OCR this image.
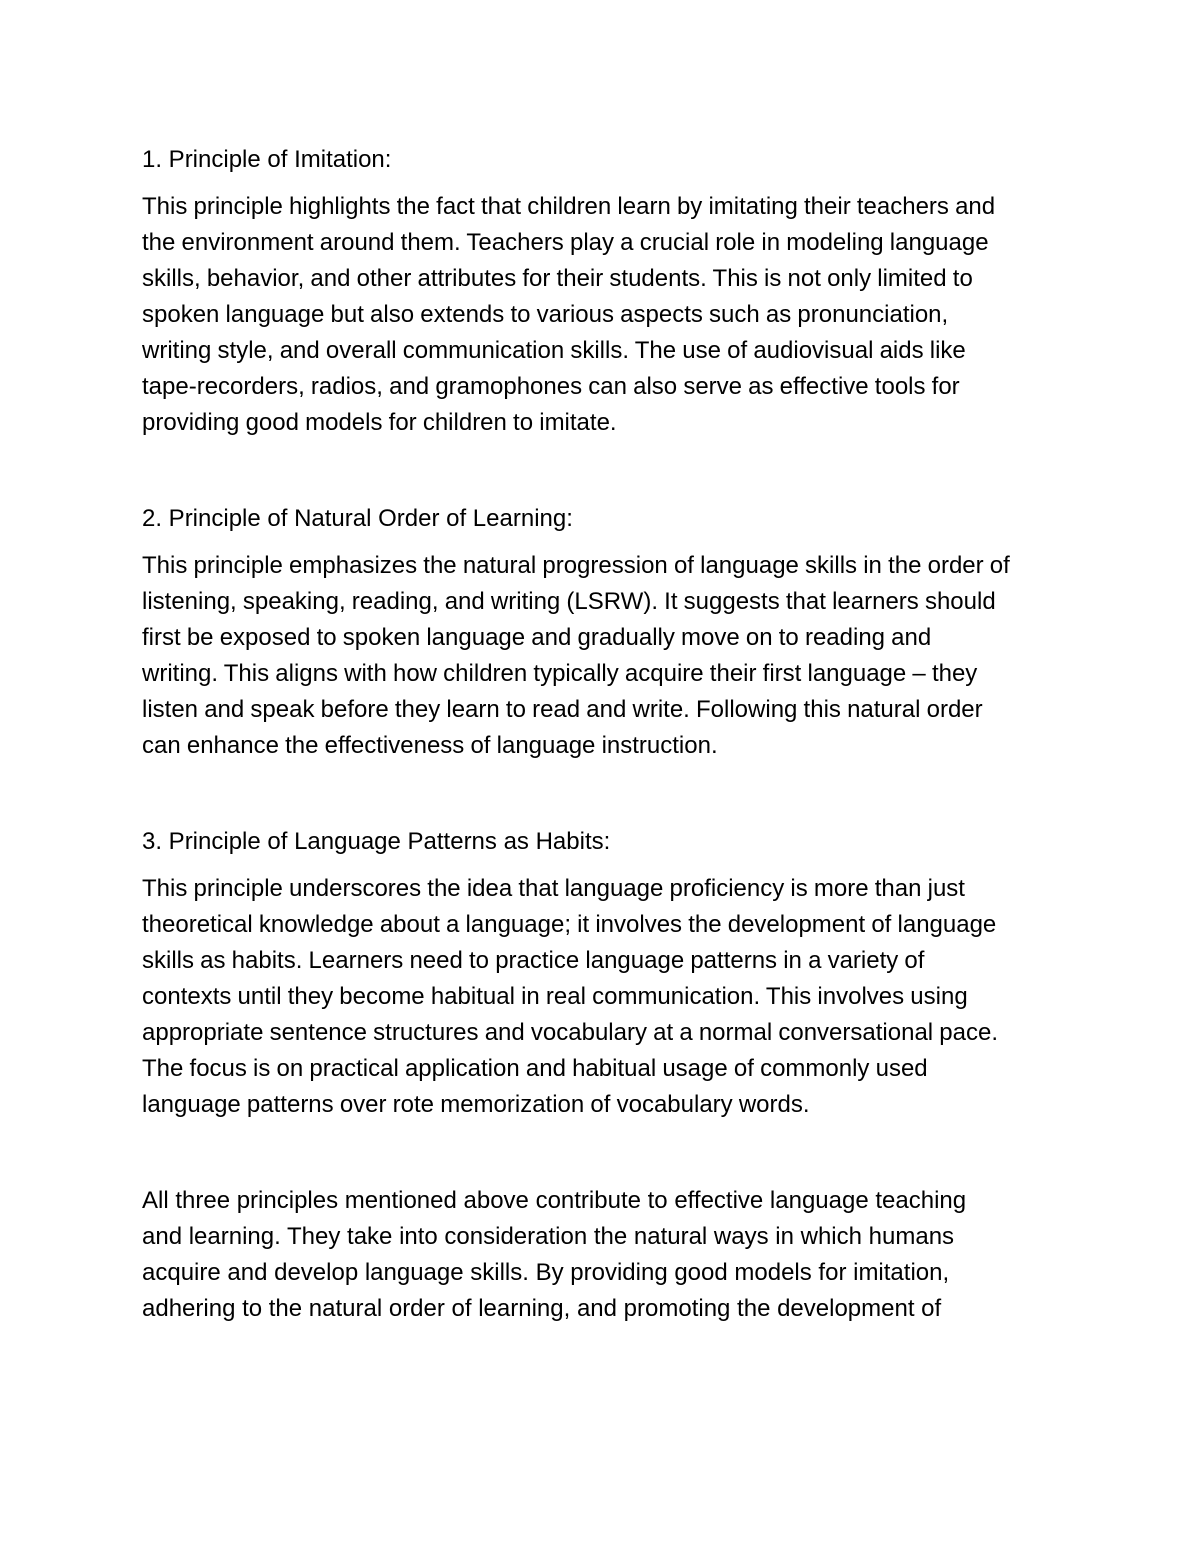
1. Principle of Imitation:

This principle highlights the fact that children learn by imitating their teachers and
the environment around them. Teachers play a crucial role in modeling language
skills, behavior, and other attributes for their students. This is not only limited to
spoken language but also extends to various aspects such as pronunciation,
writing style, and overall communication skills. The use of audiovisual aids like
tape-recorders, radios, and gramophones can also serve as effective tools for
providing good models for children to imitate.

2. Principle of Natural Order of Learning:

This principle emphasizes the natural progression of language skills in the order of
listening, speaking, reading, and writing (LSRW). It suggests that learners should
first be exposed to spoken language and gradually move on to reading and
writing. This aligns with how children typically acquire their first language – they
listen and speak before they learn to read and write. Following this natural order
can enhance the effectiveness of language instruction.

3. Principle of Language Patterns as Habits:

This principle underscores the idea that language proficiency is more than just
theoretical knowledge about a language; it involves the development of language
skills as habits. Learners need to practice language patterns in a variety of
contexts until they become habitual in real communication. This involves using
appropriate sentence structures and vocabulary at a normal conversational pace.
The focus is on practical application and habitual usage of commonly used
language patterns over rote memorization of vocabulary words.

All three principles mentioned above contribute to effective language teaching
and learning. They take into consideration the natural ways in which humans
acquire and develop language skills. By providing good models for imitation,
adhering to the natural order of learning, and promoting the development of
